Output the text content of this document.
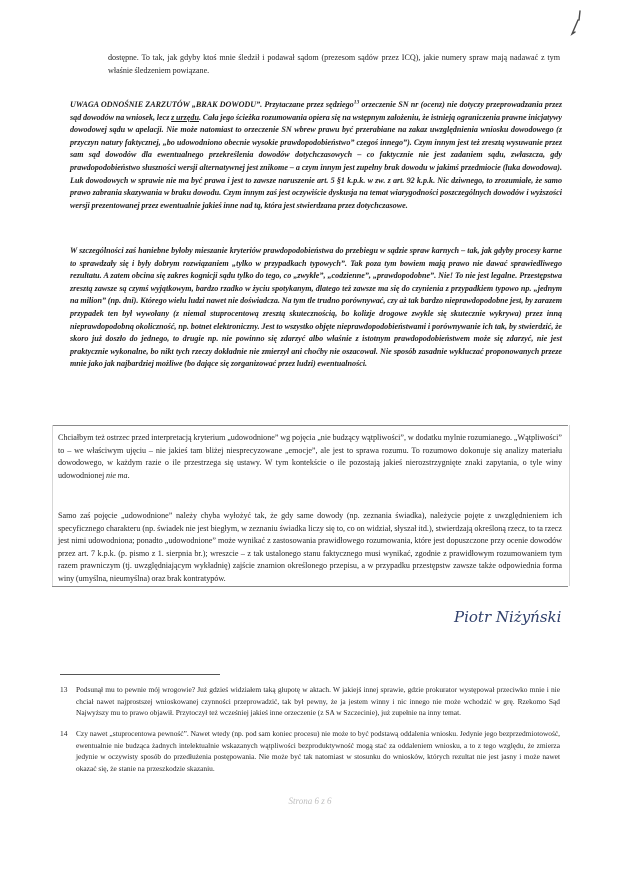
dostępne. To tak, jak gdyby ktoś mnie śledził i podawał sądom (prezesom sądów przez ICQ), jakie numery spraw mają nadawać z tym właśnie śledzeniem powiązane.

UWAGA ODNOŚNIE ZARZUTÓW „BRAK DOWODU”. Przytaczane przez sędziego$^{13}$ orzeczenie SN nr (ocenz) nie dotyczy przeprowadzania przez sąd dowodów na wniosek, lecz z urzędu. Cała jego ścieżka rozumowania opiera się na wstępnym założeniu, że istnieją ograniczenia prawne inicjatywy dowodowej sądu w apelacji. Nie może natomiast to orzeczenie SN wbrew prawu być przerabiane na zakaz uwzględnienia wniosku dowodowego (z przyczyn natury faktycznej, „bo udowodniono obecnie wysokie prawdopodobieństwo” czegoś innego”). Czym innym jest też zresztą wysuwanie przez sam sąd dowodów dla ewentualnego przekreślenia dowodów dotychczasowych – co faktycznie nie jest zadaniem sądu, zwłaszcza, gdy prawdopodobieństwo słuszności wersji alternatywnej jest znikome – a czym innym jest zupełny brak dowodu w jakimś przedmiocie (luka dowodowa). Luk dowodowych w sprawie nie ma być prawa i jest to zawsze naruszenie art. 5 §1 k.p.k. w zw. z art. 92 k.p.k. Nic dziwnego, to zrozumiałe, że samo prawo zabrania skazywania w braku dowodu. Czym innym zaś jest oczywiście dyskusja na temat wiarygodności poszczególnych dowodów i wyższości wersji prezentowanej przez ewentualnie jakieś inne nad tą, która jest stwierdzana przez dotychczasowe.

W szczególności zaś haniebne byłoby mieszanie kryteriów prawdopodobieństwa do przebiegu w sądzie spraw karnych – tak, jak gdyby procesy karne to sprawdzały się i były dobrym rozwiązaniem „tylko w przypadkach typowych”. Tak poza tym bowiem mają prawo nie dawać sprawiedliwego rezultatu. A zatem obcina się zakres kognicji sądu tylko do tego, co „zwykłe”, „codzienne”, „prawdopodobne”. Nie! To nie jest legalne. Przestępstwa zresztą zawsze są czymś wyjątkowym, bardzo rzadko w życiu spotykanym, dlatego też zawsze ma się do czynienia z przypadkiem typowo np. „jednym na milion” (np. dni). Którego wielu ludzi nawet nie doświadcza. Na tym tle trudno porównywać, czy aż tak bardzo nieprawdopodobne jest, by zarazem przypadek ten był wywołany (z niemal stuprocentową zresztą skutecznością, bo kolizje drogowe zwykle się skutecznie wykrywa) przez inną nieprawdopodobną okoliczność, np. botnet elektroniczny. Jest to wszystko objęte nieprawdopodobieństwami i porównywanie ich tak, by stwierdzić, że skoro już doszło do jednego, to drugie np. nie powinno się zdarzyć albo właśnie z istotnym prawdopodobieństwem może się zdarzyć, nie jest praktycznie wykonalne, bo nikt tych rzeczy dokładnie nie zmierzył ani choćby nie oszacował. Nie sposób zasadnie wykluczać proponowanych przeze mnie jako jak najbardziej możliwe (bo dające się zorganizować przez ludzi) ewentualności.

Chciałbym też ostrzec przed interpretacją kryterium „udowodnione” wg pojęcia „nie budzący wątpliwości”, w dodatku mylnie rozumianego. „Wątpliwości” to – we właściwym ujęciu – nie jakieś tam bliżej niesprecyzowane „emocje”, ale jest to sprawa rozumu. To rozumowo dokonuje się analizy materiału dowodowego, w każdym razie o ile przestrzega się ustawy. W tym kontekście o ile pozostają jakieś nierozstrzygnięte znaki zapytania, o tyle winy udowodnionej nie ma.

Samo zaś pojęcie „udowodnione” należy chyba wyłożyć tak, że gdy same dowody (np. zeznania świadka), należycie pojęte z uwzględnieniem ich specyficznego charakteru (np. świadek nie jest biegłym, w zeznaniu świadka liczy się to, co on widział, słyszał itd.), stwierdzają określoną rzecz, to ta rzecz jest nimi udowodniona; ponadto „udowodnione” może wynikać z zastosowania prawidłowego rozumowania, które jest dopuszczone przy ocenie dowodów przez art. 7 k.p.k. (p. pismo z 1. sierpnia br.); wreszcie – z tak ustalonego stanu faktycznego musi wynikać, zgodnie z prawidłowym rozumowaniem tym razem prawniczym (tj. uwzględniającym wykładnię) zajście znamion określonego przepisu, a w przypadku przestępstw zawsze także odpowiednia forma winy (umyślna, nieumyślna) oraz brak kontratypów.

Piotr Niżyński
13	Podsunął mu to pewnie mój wrogowie? Już gdzieś widziałem taką głupotę w aktach. W jakiejś innej sprawie, gdzie prokurator występował przeciwko mnie i nie chciał nawet najprostszej wnioskowanej czynności przeprowadzić, tak był pewny, że ja jestem winny i nic innego nie może wchodzić w grę. Rzekomo Sąd Najwyższy mu to prawo objawił. Przytoczył też wcześniej jakieś inne orzeczenie (z SA w Szczecinie), już zupełnie na inny temat.
14	Czy nawet „stuprocentowa pewność”. Nawet wtedy (np. pod sam koniec procesu) nie może to być podstawą oddalenia wniosku. Jedynie jego bezprzedmiotowość, ewentualnie nie budząca żadnych intelektualnie wskazanych wątpliwości bezproduktywność mogą stać za oddaleniem wniosku, a to z tego względu, że zmierza jedynie w oczywisty sposób do przedłużenia postępowania. Nie może być tak natomiast w stosunku do wniosków, których rezultat nie jest jasny i może nawet okazać się, że stanie na przeszkodzie skazaniu.
Strona 6 z 6
